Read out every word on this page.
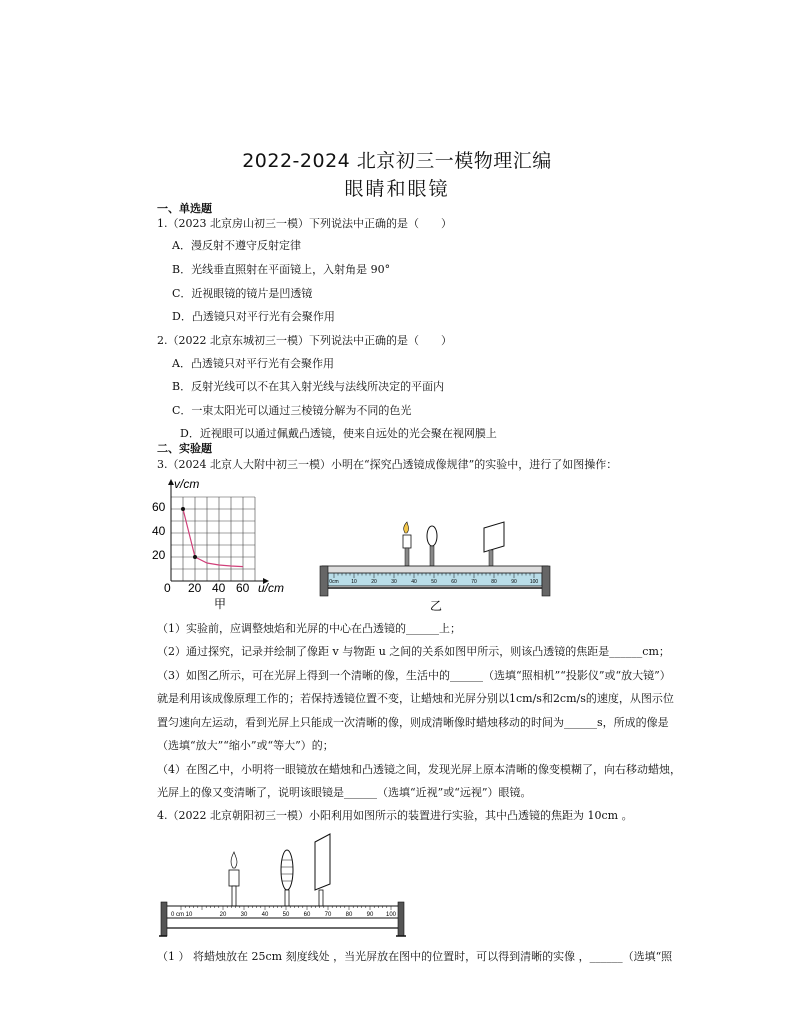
2022-2024 北京初三一模物理汇编
眼睛和眼镜
一、单选题
1.（2023 北京房山初三一模）下列说法中正确的是（　　）
A．漫反射不遵守反射定律
B．光线垂直照射在平面镜上，入射角是 90°
C．近视眼镜的镜片是凹透镜
D．凸透镜只对平行光有会聚作用
2.（2022 北京东城初三一模）下列说法中正确的是（　　）
A．凸透镜只对平行光有会聚作用
B．反射光线可以不在其入射光线与法线所决定的平面内
C．一束太阳光可以通过三棱镜分解为不同的色光
D．近视眼可以通过佩戴凸透镜，使来自远处的光会聚在视网膜上
二、实验题
3.（2024 北京人大附中初三一模）小明在“探究凸透镜成像规律”的实验中，进行了如图操作：
v/cm
u/cm
60
40
20
0 20 40 60
甲
0cm 10	20	30	40	50	60	70	80	90	100
乙
（1）实验前，应调整烛焰和光屏的中心在凸透镜的______上；
（2）通过探究，记录并绘制了像距 v 与物距 u 之间的关系如图甲所示，则该凸透镜的焦距是______cm；
（3）如图乙所示，可在光屏上得到一个清晰的像，生活中的______（选填“照相机”“投影仪”或“放大镜”）
就是利用该成像原理工作的；若保持透镜位置不变，让蜡烛和光屏分别以1cm/s和2cm/s的速度，从图示位
置匀速向左运动，看到光屏上只能成一次清晰的像，则成清晰像时蜡烛移动的时间为______s，所成的像是
（选填“放大”“缩小”或“等大”）的；
（4）在图乙中，小明将一眼镜放在蜡烛和凸透镜之间，发现光屏上原本清晰的像变模糊了，向右移动蜡烛，
光屏上的像又变清晰了，说明该眼镜是______（选填“近视”或“远视”）眼镜。
4.（2022 北京朝阳初三一模）小阳利用如图所示的装置进行实验，其中凸透镜的焦距为 10cm 。
0 cm 10	20 30 40 50 60 70 80 90 100
（1 ） 将蜡烛放在 25cm 刻度线处 ，当光屏放在图中的位置时，可以得到清晰的实像 ，______（选填“照
